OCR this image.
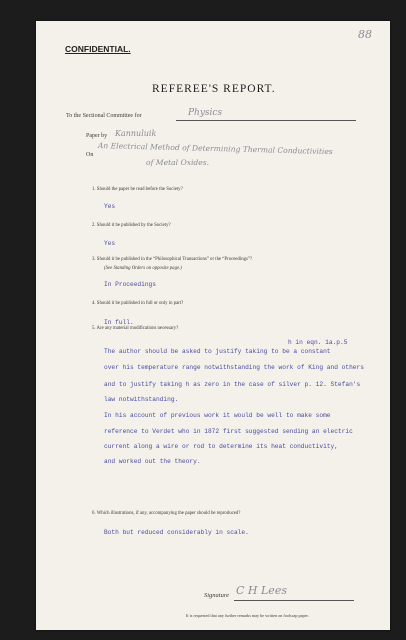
88
CONFIDENTIAL.
REFEREE'S REPORT.
To the Sectional Committee for	Physics
Paper by Kannuluik
On An Electrical Method of Determining Thermal Conductivities
of Metal Oxides.
1. Should the paper be read before the Society?
Yes
2. Should it be published by the Society?
Yes
3. Should it be published in the “Philosophical Transactions” or the “Proceedings”?
(See Standing Orders on opposite page.)
In Proceedings
4. Should it be published in full or only in part?
In full.
5. Are any material modifications necessary?
h in eqn. 1a.p.5
The author should be asked to justify taking to be a constant
over his temperature range notwithstanding the work of King and others
and to justify taking h as zero in the case of silver p. 12. Stefan's
law notwithstanding.
In his account of previous work it would be well to make some
reference to Verdet who in 1872 first suggested sending an electric
current along a wire or rod to determine its heat conductivity,
and worked out the theory.
6. Which illustrations, if any, accompanying the paper should be reproduced?
Both but reduced considerably in scale.
Signature C H Lees
It is requested that any further remarks may be written on foolscap paper.
